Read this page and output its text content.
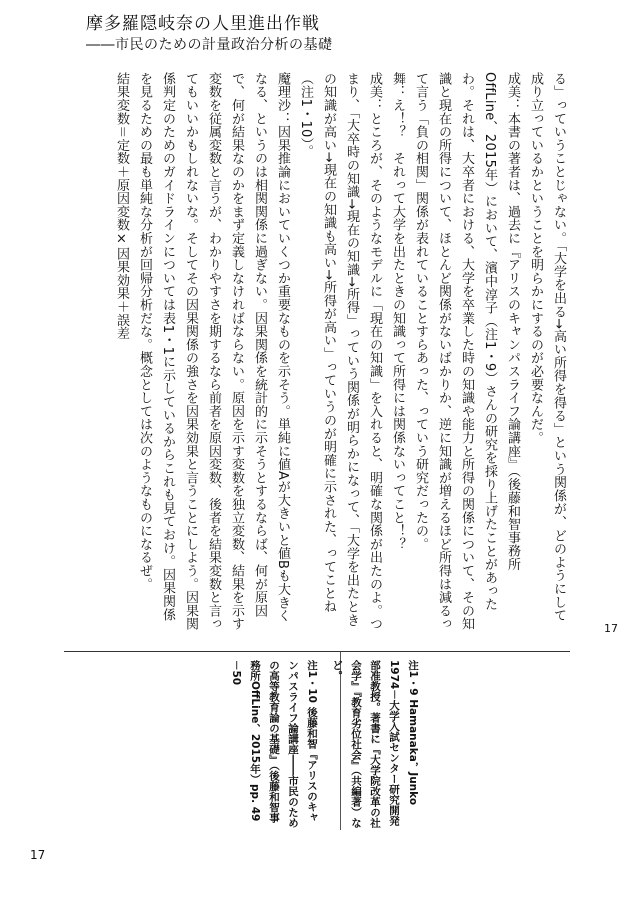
摩多羅隠岐奈の人里進出作戦
――市民のための計量政治分析の基礎

る」っていうことじゃない。「大学を出る→高い所得を得る」という関係が、どのようにして成り立っているかということを明らかにするのが必要なんだ。

成美：本書の著者は、過去に『アリスのキャンパスライフ論講座』（後藤和智事務所OffLine、2015年）において、濱中淳子（注1・9）さんの研究を採り上げたことがあったわ。それは、大卒者における、大学を卒業した時の知識や能力と所得の関係について、その知識と現在の所得について、ほとんど関係がないばかりか、逆に知識が増えるほど所得は減るって言う「負の相関」関係が表れていることすらあった、っていう研究だったの。

舞：え！？　それって大学を出たときの知識って所得には関係ないってこと！？

成美：ところが、そのようなモデルに「現在の知識」を入れると、明確な関係が出たのよ。つまり、「大卒時の知識→現在の知識→所得」っていう関係が明らかになって、「大学を出たときの知識が高い→現在の知識も高い→所得が高い」っていうのが明確に示された、ってことね（注1・10）。

魔理沙：因果推論においていくつか重要なものを示そう。単純に値Aが大きいと値Bも大きくなる、というのは相関関係に過ぎない。因果関係を統計的に示そうとするならば、何が原因で、何が結果なのかをまず定義しなければならない。原因を示す変数を独立変数、結果を示す変数を従属変数と言うが、わかりやすさを期するなら前者を原因変数、後者を結果変数と言ってもいいかもしれないな。そしてその因果関係の強さを因果効果と言うことにしよう。因果関係判定のためのガイドラインについては表1・1に示しているからこれも見ておけ。因果関係を見るための最も単純な分析が回帰分析だな。概念としては次のようなものになるぜ。

結果変数＝定数＋原因変数×因果効果＋誤差

注1・9 Hamanaka，Junko 1974－大学入試センター研究開発部准教授。著書に『大学院改革の社会学』『教育劣位社会』（共編著）など。

注1・10 後藤和智『アリスのキャンパスライフ論講座――市民のための高等教育論の基礎』（後藤和智事務所OffLine、2015年）pp. 49－50

17
17
